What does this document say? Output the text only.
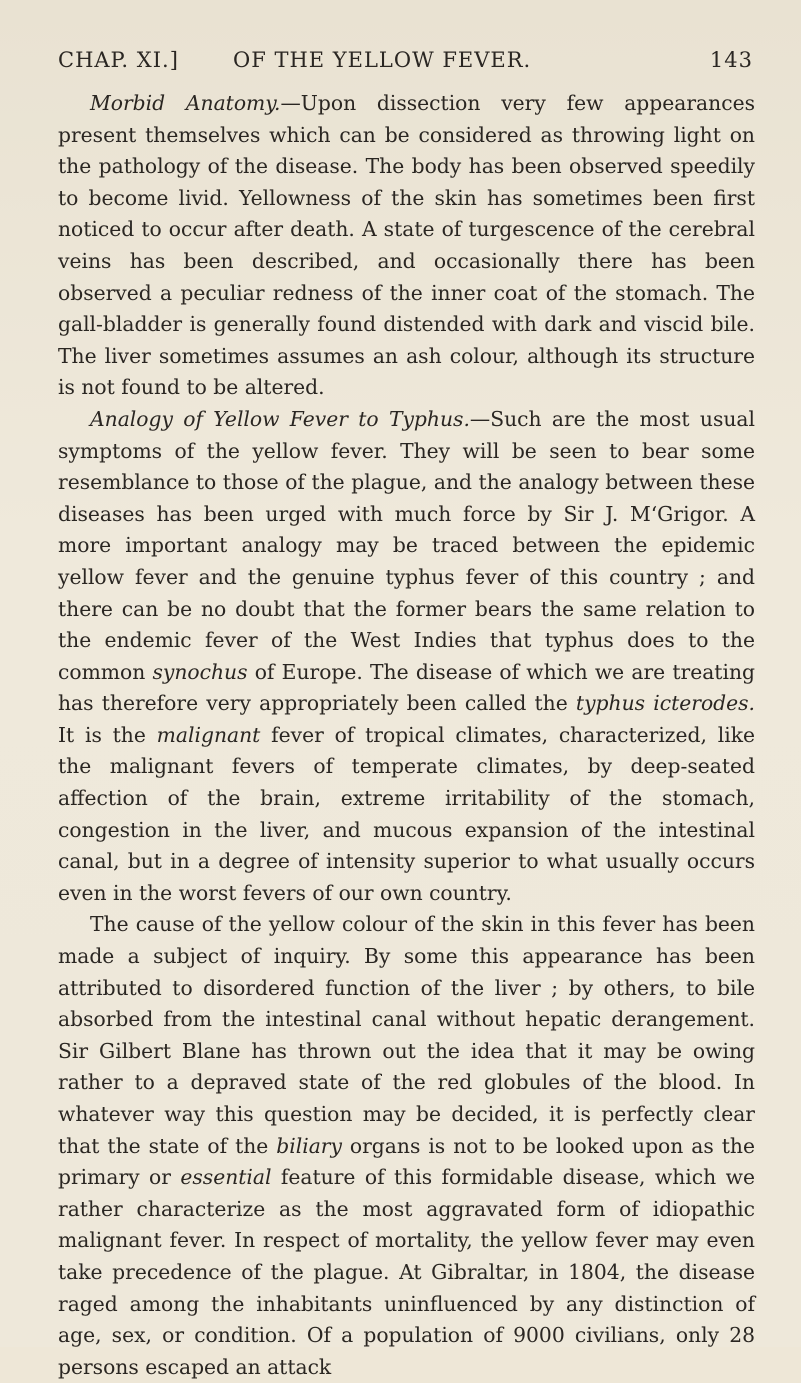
CHAP. XI.]	OF THE YELLOW FEVER.	143

Morbid Anatomy.—Upon dissection very few appearances present themselves which can be considered as throwing light on the pathology of the disease. The body has been observed speedily to become livid. Yellowness of the skin has sometimes been first noticed to occur after death. A state of turgescence of the cerebral veins has been described, and occasionally there has been observed a peculiar redness of the inner coat of the stomach. The gall-bladder is generally found distended with dark and viscid bile. The liver sometimes assumes an ash colour, although its structure is not found to be altered.

Analogy of Yellow Fever to Typhus.—Such are the most usual symptoms of the yellow fever. They will be seen to bear some resemblance to those of the plague, and the analogy between these diseases has been urged with much force by Sir J. M‘Grigor. A more important analogy may be traced between the epidemic yellow fever and the genuine typhus fever of this country ; and there can be no doubt that the former bears the same relation to the endemic fever of the West Indies that typhus does to the common synochus of Europe. The disease of which we are treating has therefore very appropriately been called the typhus icterodes. It is the malignant fever of tropical climates, characterized, like the malignant fevers of temperate climates, by deep-seated affection of the brain, extreme irritability of the stomach, congestion in the liver, and mucous expansion of the intestinal canal, but in a degree of intensity superior to what usually occurs even in the worst fevers of our own country.

The cause of the yellow colour of the skin in this fever has been made a subject of inquiry. By some this appearance has been attributed to disordered function of the liver ; by others, to bile absorbed from the intestinal canal without hepatic derangement. Sir Gilbert Blane has thrown out the idea that it may be owing rather to a depraved state of the red globules of the blood. In whatever way this question may be decided, it is perfectly clear that the state of the biliary organs is not to be looked upon as the primary or essential feature of this formidable disease, which we rather characterize as the most aggravated form of idiopathic malignant fever. In respect of mortality, the yellow fever may even take precedence of the plague. At Gibraltar, in 1804, the disease raged among the inhabitants uninfluenced by any distinction of age, sex, or condition. Of a population of 9000 civilians, only 28 persons escaped an attack
